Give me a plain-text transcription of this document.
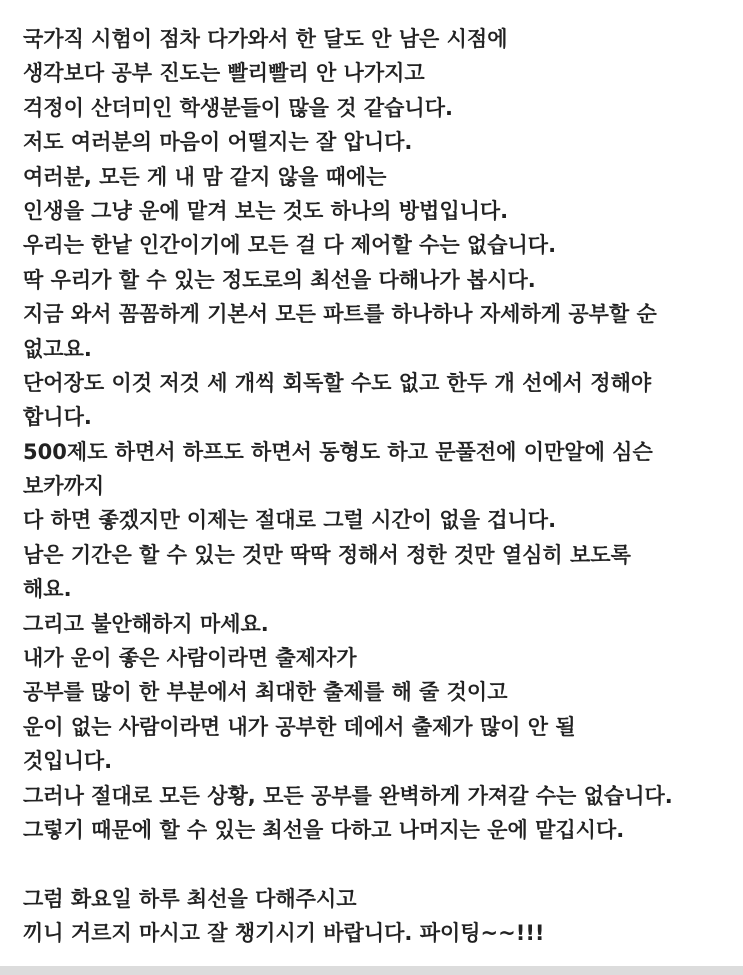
국가직 시험이 점차 다가와서 한 달도 안 남은 시점에
생각보다 공부 진도는 빨리빨리 안 나가지고
걱정이 산더미인 학생분들이 많을 것 같습니다.
저도 여러분의 마음이 어떨지는 잘 압니다.
여러분, 모든 게 내 맘 같지 않을 때에는
인생을 그냥 운에 맡겨 보는 것도 하나의 방법입니다.
우리는 한낱 인간이기에 모든 걸 다 제어할 수는 없습니다.
딱 우리가 할 수 있는 정도로의 최선을 다해나가 봅시다.
지금 와서 꼼꼼하게 기본서 모든 파트를 하나하나 자세하게 공부할 순
없고요.
단어장도 이것 저것 세 개씩 회독할 수도 없고 한두 개 선에서 정해야
합니다.
500제도 하면서 하프도 하면서 동형도 하고 문풀전에 이만알에 심슨
보카까지
다 하면 좋겠지만 이제는 절대로 그럴 시간이 없을 겁니다.
남은 기간은 할 수 있는 것만 딱딱 정해서 정한 것만 열심히 보도록
해요.
그리고 불안해하지 마세요.
내가 운이 좋은 사람이라면 출제자가
공부를 많이 한 부분에서 최대한 출제를 해 줄 것이고
운이 없는 사람이라면 내가 공부한 데에서 출제가 많이 안 될
것입니다.
그러나 절대로 모든 상황, 모든 공부를 완벽하게 가져갈 수는 없습니다.
그렇기 때문에 할 수 있는 최선을 다하고 나머지는 운에 맡깁시다.
그럼 화요일 하루 최선을 다해주시고
끼니 거르지 마시고 잘 챙기시기 바랍니다. 파이팅~~!!!
